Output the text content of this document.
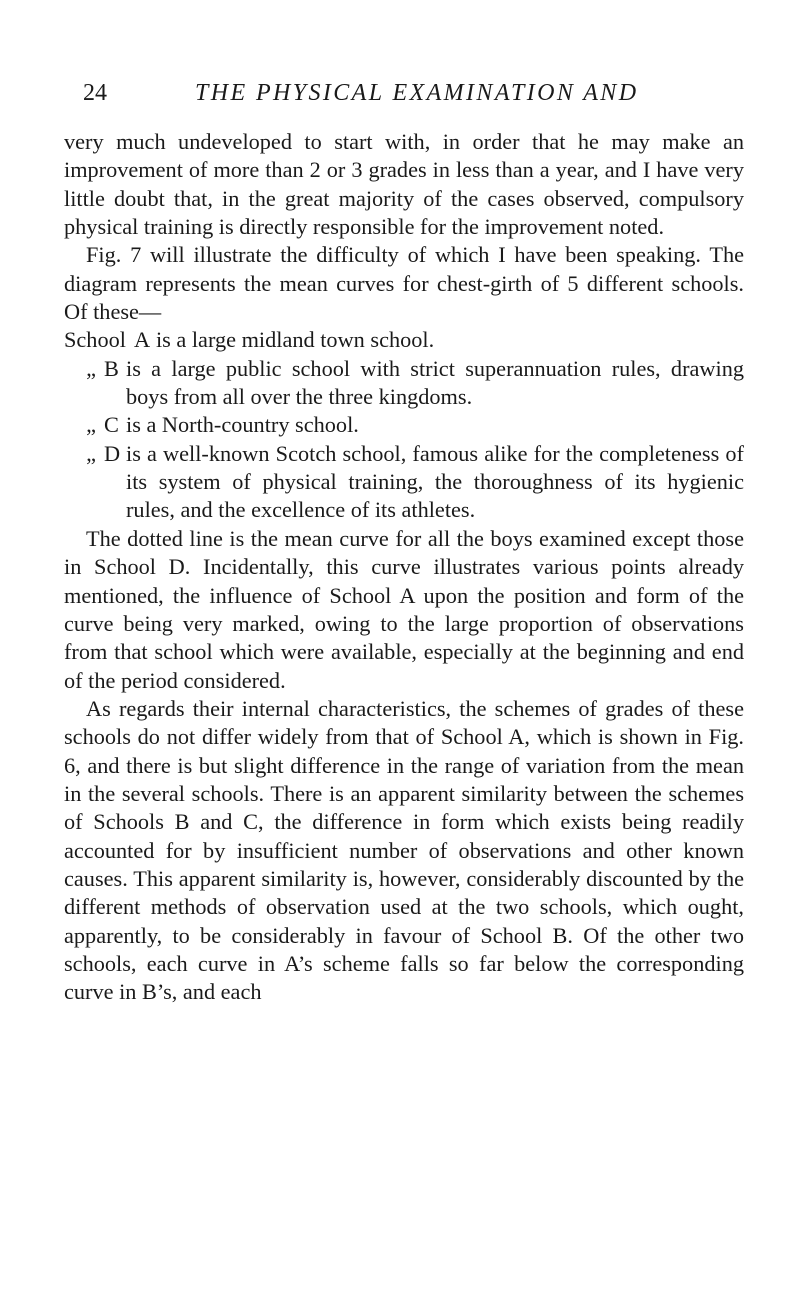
24	THE PHYSICAL EXAMINATION AND

very much undeveloped to start with, in order that he may make an improvement of more than 2 or 3 grades in less than a year, and I have very little doubt that, in the great majority of the cases observed, compulsory physical training is directly responsible for the improvement noted.

Fig. 7 will illustrate the difficulty of which I have been speaking. The diagram represents the mean curves for chest-girth of 5 different schools. Of these—

School A is a large midland town school.
„ B is a large public school with strict superannuation rules, drawing boys from all over the three kingdoms.
„ C is a North-country school.
„ D is a well-known Scotch school, famous alike for the completeness of its system of physical training, the thoroughness of its hygienic rules, and the excellence of its athletes.

The dotted line is the mean curve for all the boys examined except those in School D. Incidentally, this curve illustrates various points already mentioned, the influence of School A upon the position and form of the curve being very marked, owing to the large proportion of observations from that school which were available, especially at the beginning and end of the period considered.

As regards their internal characteristics, the schemes of grades of these schools do not differ widely from that of School A, which is shown in Fig. 6, and there is but slight difference in the range of variation from the mean in the several schools. There is an apparent similarity between the schemes of Schools B and C, the difference in form which exists being readily accounted for by insufficient number of observations and other known causes. This apparent similarity is, however, considerably discounted by the different methods of observation used at the two schools, which ought, apparently, to be considerably in favour of School B. Of the other two schools, each curve in A’s scheme falls so far below the corresponding curve in B’s, and each
